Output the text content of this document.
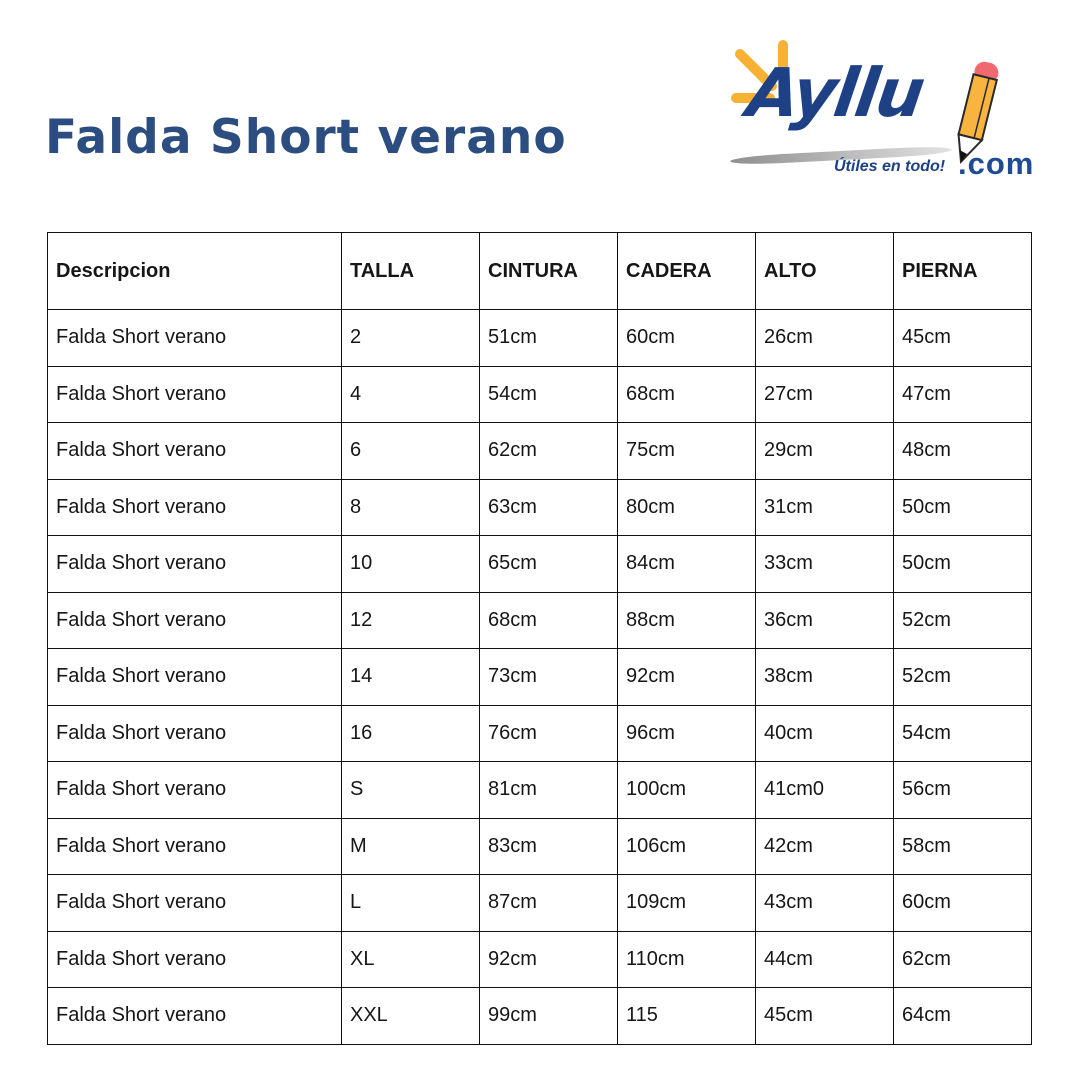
Falda Short verano
Ayllu
Útiles en todo! .com
Descripcion	TALLA	CINTURA	CADERA	ALTO	PIERNA
Falda Short verano	2	51cm	60cm	26cm	45cm
Falda Short verano	4	54cm	68cm	27cm	47cm
Falda Short verano	6	62cm	75cm	29cm	48cm
Falda Short verano	8	63cm	80cm	31cm	50cm
Falda Short verano	10	65cm	84cm	33cm	50cm
Falda Short verano	12	68cm	88cm	36cm	52cm
Falda Short verano	14	73cm	92cm	38cm	52cm
Falda Short verano	16	76cm	96cm	40cm	54cm
Falda Short verano	S	81cm	100cm	41cm0	56cm
Falda Short verano	M	83cm	106cm	42cm	58cm
Falda Short verano	L	87cm	109cm	43cm	60cm
Falda Short verano	XL	92cm	110cm	44cm	62cm
Falda Short verano	XXL	99cm	115	45cm	64cm
